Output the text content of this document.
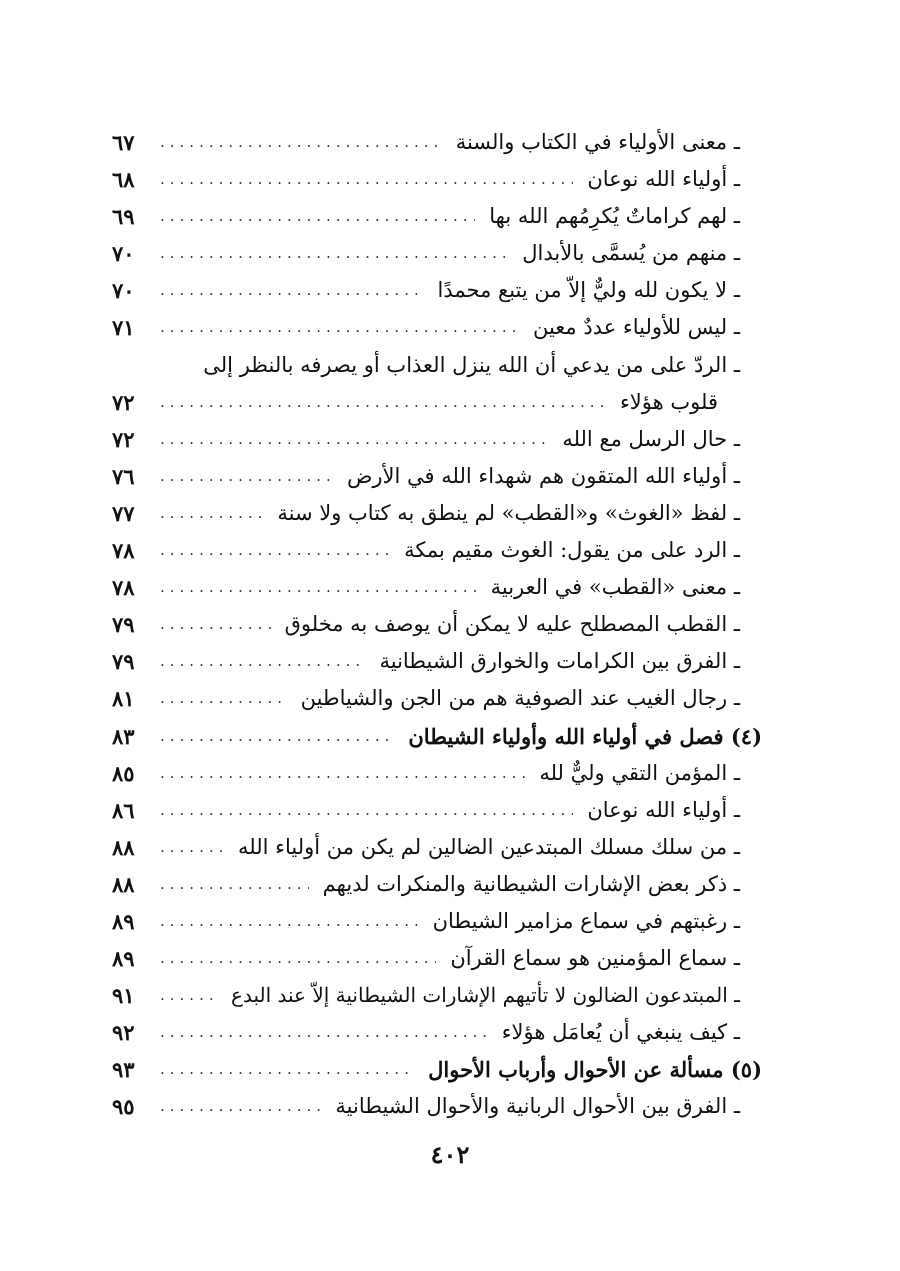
ـ معنى الأولياء في الكتاب والسنة
.....
٦٧
ـ أولياء الله نوعان
.....
٦٨
ـ لهم كراماتٌ يُكرِمُهم الله بها
.....
٦٩
ـ منهم من يُسمَّى بالأبدال
.....
٧٠
ـ لا يكون لله وليٌّ إلاّ من يتبع محمدًا
.....
٧٠
ـ ليس للأولياء عددٌ معين
.....
٧١
ـ الردّ على من يدعي أن الله ينزل العذاب أو يصرفه بالنظر إلى
قلوب هؤلاء
.....
٧٢
ـ حال الرسل مع الله
.....
٧٢
ـ أولياء الله المتقون هم شهداء الله في الأرض
.....
٧٦
ـ لفظ «الغوث» و«القطب» لم ينطق به كتاب ولا سنة
.....
٧٧
ـ الرد على من يقول: الغوث مقيم بمكة
.....
٧٨
ـ معنى «القطب» في العربية
.....
٧٨
ـ القطب المصطلح عليه لا يمكن أن يوصف به مخلوق
.....
٧٩
ـ الفرق بين الكرامات والخوارق الشيطانية
.....
٧٩
ـ رجال الغيب عند الصوفية هم من الجن والشياطين
.....
٨١
(٤) فصل في أولياء الله وأولياء الشيطان
.....
٨٣
ـ المؤمن التقي وليٌّ لله
.....
٨٥
ـ أولياء الله نوعان
.....
٨٦
ـ من سلك مسلك المبتدعين الضالين لم يكن من أولياء الله
.....
٨٨
ـ ذكر بعض الإشارات الشيطانية والمنكرات لديهم
.....
٨٨
ـ رغبتهم في سماع مزامير الشيطان
.....
٨٩
ـ سماع المؤمنين هو سماع القرآن
.....
٨٩
ـ المبتدعون الضالون لا تأتيهم الإشارات الشيطانية إلاّ عند البدع
.....
٩١
ـ كيف ينبغي أن يُعامَل هؤلاء
.....
٩٢
(٥) مسألة عن الأحوال وأرباب الأحوال
.....
٩٣
ـ الفرق بين الأحوال الربانية والأحوال الشيطانية
.....
٩٥
٤٠٢
